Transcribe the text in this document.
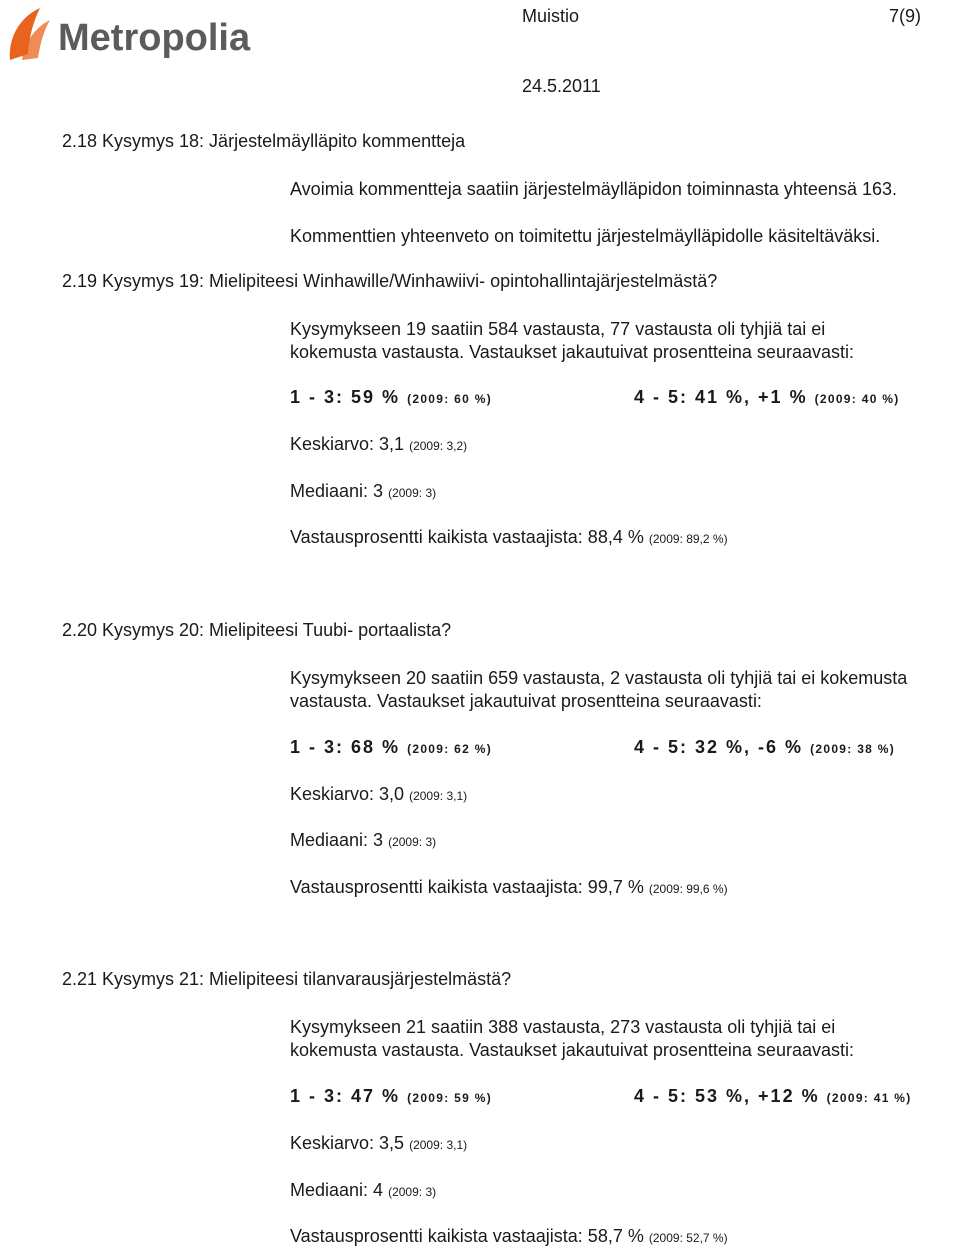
Metropolia
Muistio	7(9)
24.5.2011
2.18 Kysymys 18: Järjestelmäylläpito kommentteja
Avoimia kommentteja saatiin järjestelmäylläpidon toiminnasta yhteensä 163.
Kommenttien yhteenveto on toimitettu järjestelmäylläpidolle käsiteltäväksi.
2.19 Kysymys 19: Mielipiteesi Winhawille/Winhawiivi- opintohallintajärjestelmästä?
Kysymykseen 19 saatiin 584 vastausta, 77 vastausta oli tyhjiä tai ei
kokemusta vastausta. Vastaukset jakautuivat prosentteina seuraavasti:
1 - 3: 59 % (2009: 60 %)	4 - 5: 41 %, +1 % (2009: 40 %)
Keskiarvo: 3,1 (2009: 3,2)
Mediaani: 3 (2009: 3)
Vastausprosentti kaikista vastaajista: 88,4 % (2009: 89,2 %)
2.20 Kysymys 20: Mielipiteesi Tuubi- portaalista?
Kysymykseen 20 saatiin 659 vastausta, 2 vastausta oli tyhjiä tai ei kokemusta
vastausta. Vastaukset jakautuivat prosentteina seuraavasti:
1 - 3: 68 % (2009: 62 %)	4 - 5: 32 %, -6 % (2009: 38 %)
Keskiarvo: 3,0 (2009: 3,1)
Mediaani: 3 (2009: 3)
Vastausprosentti kaikista vastaajista: 99,7 % (2009: 99,6 %)
2.21 Kysymys 21: Mielipiteesi tilanvarausjärjestelmästä?
Kysymykseen 21 saatiin 388 vastausta, 273 vastausta oli tyhjiä tai ei
kokemusta vastausta. Vastaukset jakautuivat prosentteina seuraavasti:
1 - 3: 47 % (2009: 59 %)	4 - 5: 53 %, +12 % (2009: 41 %)
Keskiarvo: 3,5 (2009: 3,1)
Mediaani: 4 (2009: 3)
Vastausprosentti kaikista vastaajista: 58,7 % (2009: 52,7 %)
